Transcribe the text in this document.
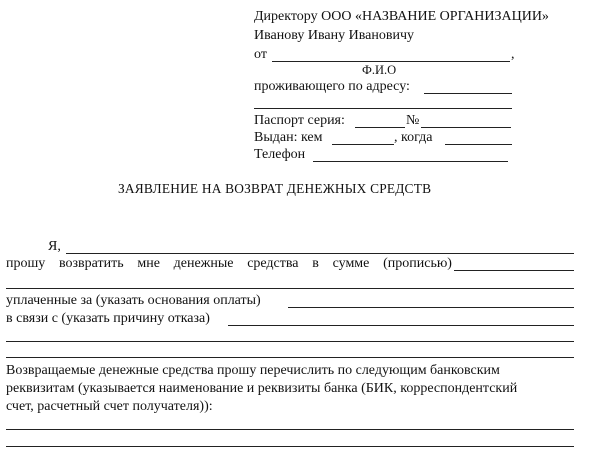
Директору ООО «НАЗВАНИЕ ОРГАНИЗАЦИИ»
Иванову Ивану Ивановичу
от	,
Ф.И.О
проживающего по адресу:
Паспорт серия:	№
Выдан: кем	, когда
Телефон
ЗАЯВЛЕНИЕ НА ВОЗВРАТ ДЕНЕЖНЫХ СРЕДСТВ
Я,
прошу возвратить мне денежные средства в сумме (прописью)
уплаченные за (указать основания оплаты)
в связи с (указать причину отказа)
Возвращаемые денежные средства прошу перечислить по следующим банковским
реквизитам (указывается наименование и реквизиты банка (БИК, корреспондентский
счет, расчетный счет получателя)):
